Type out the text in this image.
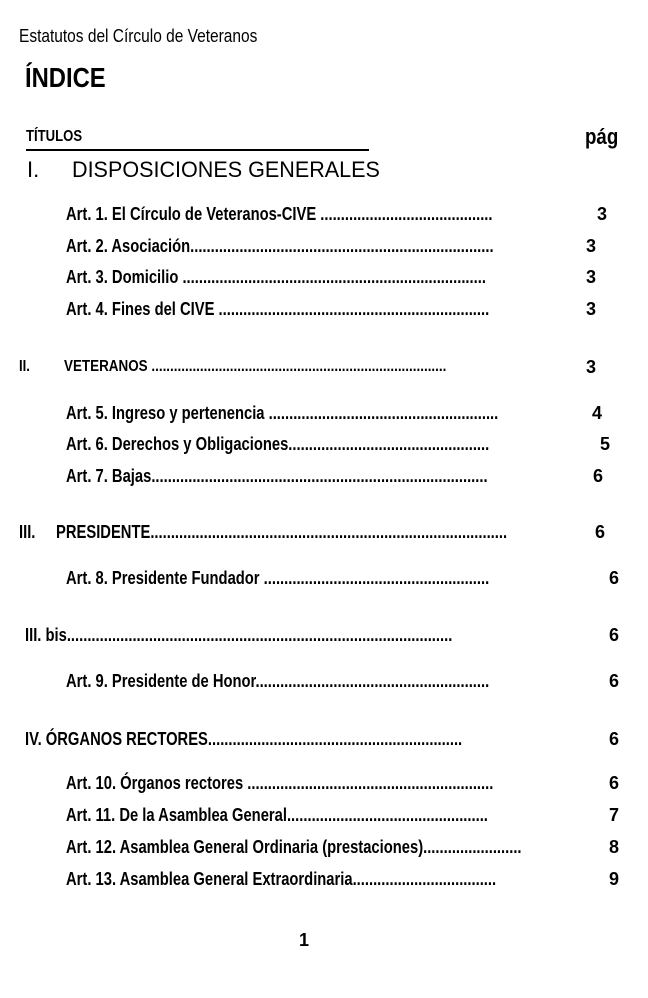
Estatutos del Círculo de Veteranos
ÍNDICE
TÍTULOS	pág
I. DISPOSICIONES GENERALES
Art. 1. El Círculo de Veteranos-CIVE ..........................................	3
Art. 2. Asociación..........................................................................	3
Art. 3. Domicilio ..........................................................................	3
Art. 4. Fines del CIVE ..................................................................	3
II. VETERANOS ...............................................................................	3
Art. 5. Ingreso y pertenencia ........................................................	4
Art. 6. Derechos y Obligaciones.................................................	5
Art. 7. Bajas..................................................................................	6
III. PRESIDENTE.......................................................................................	6
Art. 8. Presidente Fundador .......................................................	6
III. bis..............................................................................................	6
Art. 9. Presidente de Honor.........................................................	6
IV. ÓRGANOS RECTORES..............................................................	6
Art. 10. Órganos rectores ............................................................	6
Art. 11. De la Asamblea General.................................................	7
Art. 12. Asamblea General Ordinaria (prestaciones)........................	8
Art. 13. Asamblea General Extraordinaria...................................	9
1
